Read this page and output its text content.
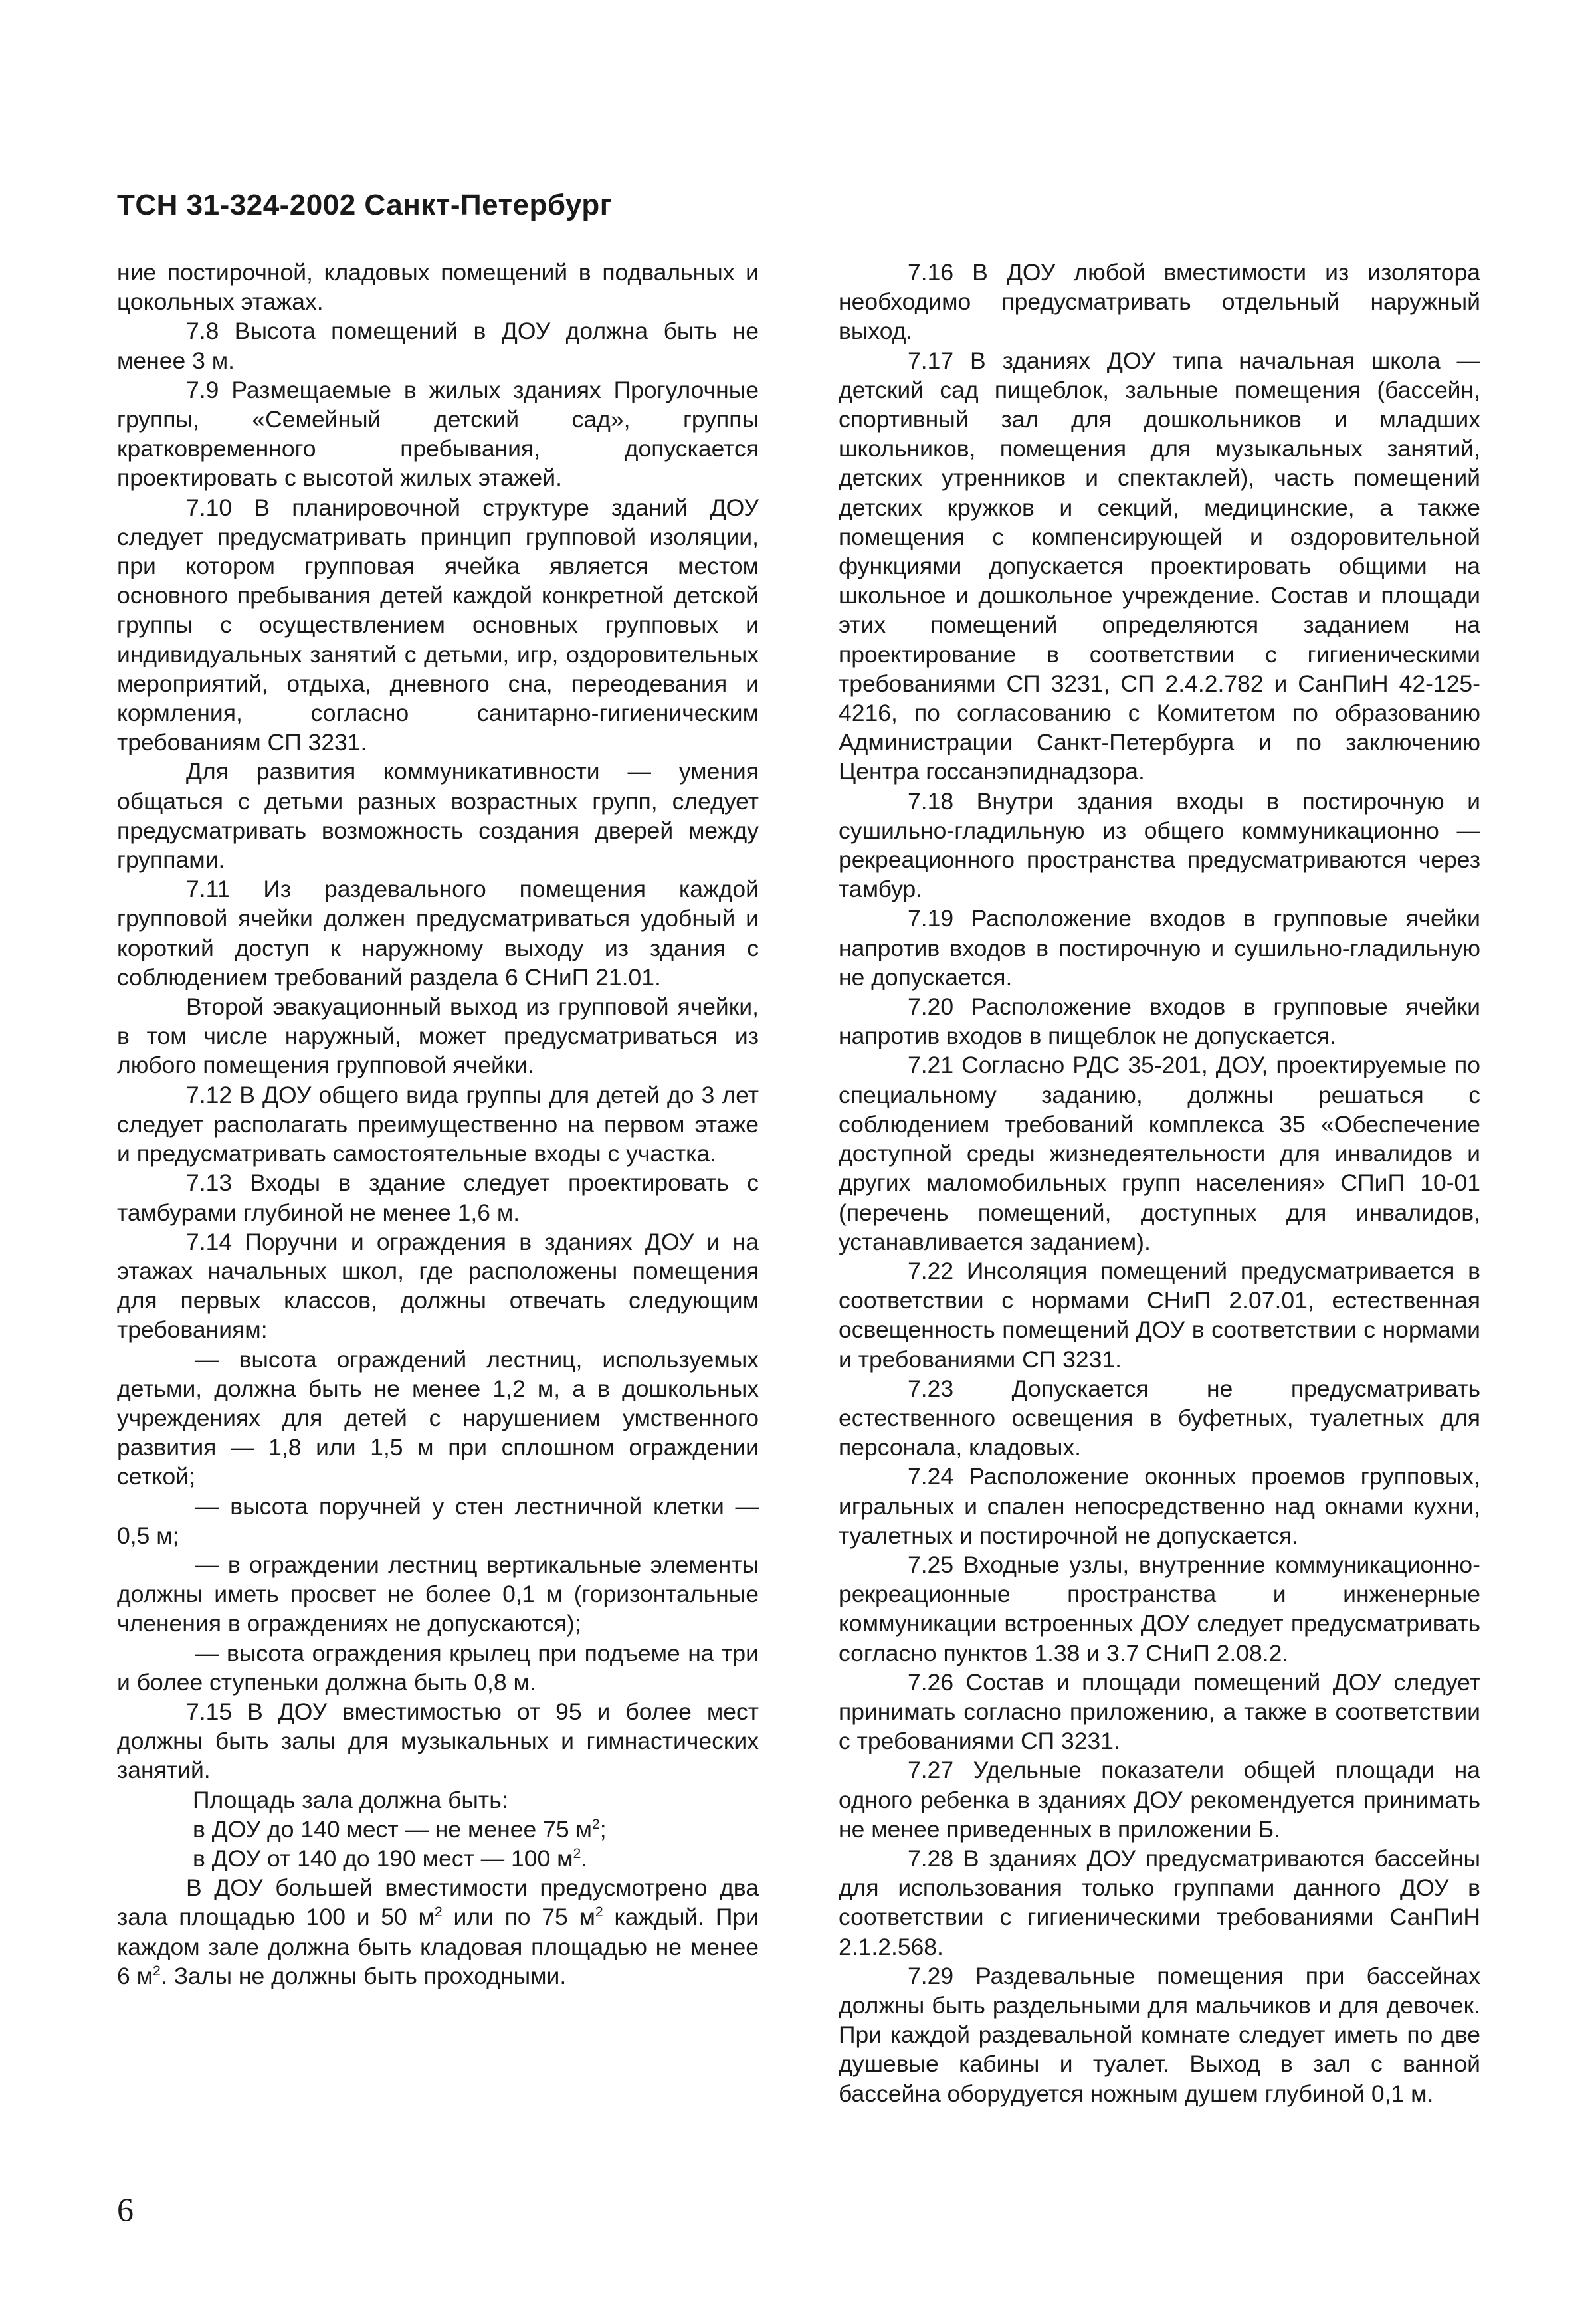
ТСН 31-324-2002 Санкт-Петербург

ние постирочной, кладовых помещений в подвальных и цокольных этажах.

7.8 Высота помещений в ДОУ должна быть не менее 3 м.

7.9 Размещаемые в жилых зданиях Прогулочные группы, «Семейный детский сад», группы кратковременного пребывания, допускается проектировать с высотой жилых этажей.

7.10 В планировочной структуре зданий ДОУ следует предусматривать принцип групповой изоляции, при котором групповая ячейка является местом основного пребывания детей каждой конкретной детской группы с осуществлением основных групповых и индивидуальных занятий с детьми, игр, оздоровительных мероприятий, отдыха, дневного сна, переодевания и кормления, согласно санитарно-гигиеническим требованиям СП 3231.

Для развития коммуникативности — умения общаться с детьми разных возрастных групп, следует предусматривать возможность создания дверей между группами.

7.11 Из раздевального помещения каждой групповой ячейки должен предусматриваться удобный и короткий доступ к наружному выходу из здания с соблюдением требований раздела 6 СНиП 21.01.

Второй эвакуационный выход из групповой ячейки, в том числе наружный, может предусматриваться из любого помещения групповой ячейки.

7.12 В ДОУ общего вида группы для детей до 3 лет следует располагать преимущественно на первом этаже и предусматривать самостоятельные входы с участка.

7.13 Входы в здание следует проектировать с тамбурами глубиной не менее 1,6 м.

7.14 Поручни и ограждения в зданиях ДОУ и на этажах начальных школ, где расположены помещения для первых классов, должны отвечать следующим требованиям:

— высота ограждений лестниц, используемых детьми, должна быть не менее 1,2 м, а в дошкольных учреждениях для детей с нарушением умственного развития — 1,8 или 1,5 м при сплошном ограждении сеткой;

— высота поручней у стен лестничной клетки — 0,5 м;

— в ограждении лестниц вертикальные элементы должны иметь просвет не более 0,1 м (горизонтальные членения в ограждениях не допускаются);

— высота ограждения крылец при подъеме на три и более ступеньки должна быть 0,8 м.

7.15 В ДОУ вместимостью от 95 и более мест должны быть залы для музыкальных и гимнастических занятий.

Площадь зала должна быть:
в ДОУ до 140 мест — не менее 75 $м^2$;
в ДОУ от 140 до 190 мест — 100 $м^2$.

В ДОУ большей вместимости предусмотрено два зала площадью 100 и 50 $м^2$ или по 75 $м^2$ каждый. При каждом зале должна быть кладовая площадью не менее 6 $м^2$. Залы не должны быть проходными.

7.16 В ДОУ любой вместимости из изолятора необходимо предусматривать отдельный наружный выход.

7.17 В зданиях ДОУ типа начальная школа — детский сад пищеблок, зальные помещения (бассейн, спортивный зал для дошкольников и младших школьников, помещения для музыкальных занятий, детских утренников и спектаклей), часть помещений детских кружков и секций, медицинские, а также помещения с компенсирующей и оздоровительной функциями допускается проектировать общими на школьное и дошкольное учреждение. Состав и площади этих помещений определяются заданием на проектирование в соответствии с гигиеническими требованиями СП 3231, СП 2.4.2.782 и СанПиН 42-125-4216, по согласованию с Комитетом по образованию Администрации Санкт-Петербурга и по заключению Центра госсанэпиднадзора.

7.18 Внутри здания входы в постирочную и сушильно-гладильную из общего коммуникационно — рекреационного пространства предусматриваются через тамбур.

7.19 Расположение входов в групповые ячейки напротив входов в постирочную и сушильно-гладильную не допускается.

7.20 Расположение входов в групповые ячейки напротив входов в пищеблок не допускается.

7.21 Согласно РДС 35-201, ДОУ, проектируемые по специальному заданию, должны решаться с соблюдением требований комплекса 35 «Обеспечение доступной среды жизнедеятельности для инвалидов и других маломобильных групп населения» СПиП 10-01 (перечень помещений, доступных для инвалидов, устанавливается заданием).

7.22 Инсоляция помещений предусматривается в соответствии с нормами СНиП 2.07.01, естественная освещенность помещений ДОУ в соответствии с нормами и требованиями СП 3231.

7.23 Допускается не предусматривать естественного освещения в буфетных, туалетных для персонала, кладовых.

7.24 Расположение оконных проемов групповых, игральных и спален непосредственно над окнами кухни, туалетных и постирочной не допускается.

7.25 Входные узлы, внутренние коммуникационно-рекреационные пространства и инженерные коммуникации встроенных ДОУ следует предусматривать согласно пунктов 1.38 и 3.7 СНиП 2.08.2.

7.26 Состав и площади помещений ДОУ следует принимать согласно приложению, а также в соответствии с требованиями СП 3231.

7.27 Удельные показатели общей площади на одного ребенка в зданиях ДОУ рекомендуется принимать не менее приведенных в приложении Б.

7.28 В зданиях ДОУ предусматриваются бассейны для использования только группами данного ДОУ в соответствии с гигиеническими требованиями СанПиН 2.1.2.568.

7.29 Раздевальные помещения при бассейнах должны быть раздельными для мальчиков и для девочек. При каждой раздевальной комнате следует иметь по две душевые кабины и туалет. Выход в зал с ванной бассейна оборудуется ножным душем глубиной 0,1 м.

6
